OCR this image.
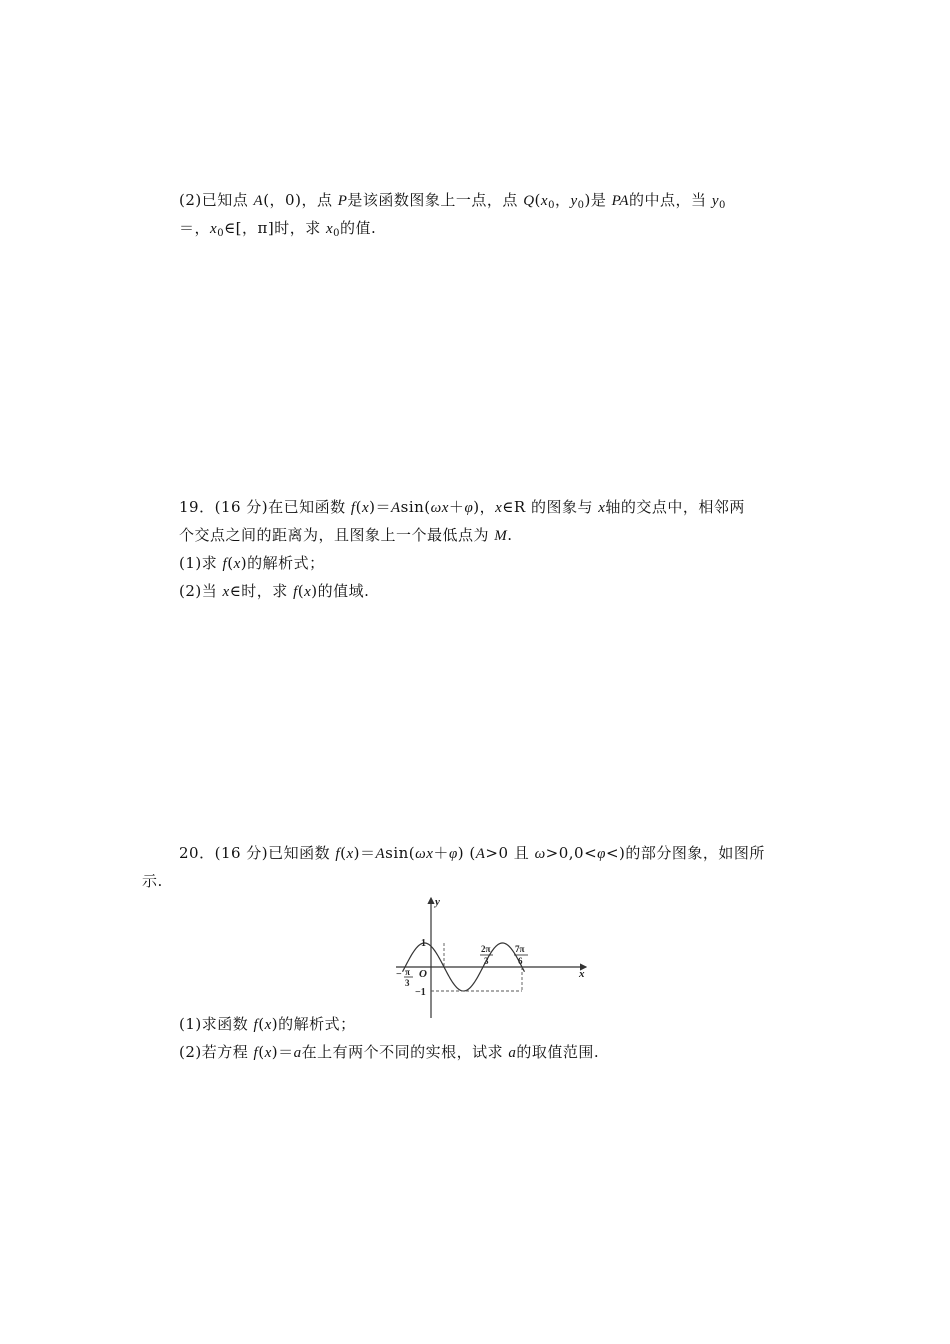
(2)已知点 A(，0)，点 P是该函数图象上一点，点 $Q(x_0$，$y_0$)是 PA的中点，当 $y_0$
＝，$x_0\in$[，π]时，求 $x_0$的值.
19．(16 分)在已知函数 f(x)＝Asin(ωx＋φ)，x∈R 的图象与 x轴的交点中，相邻两
个交点之间的距离为，且图象上一个最低点为 M.
(1)求 f(x)的解析式；
(2)当 x∈时，求 f(x)的值域.
20．(16 分)已知函数 f(x)＝Asin(ωx＋φ) (A>0 且 ω>0,0<φ<)的部分图象，如图所
示.
y
x
O
1
−1
− π
3
2π
3
7π
6
(1)求函数 f(x)的解析式；
(2)若方程 f(x)＝a在上有两个不同的实根，试求 a的取值范围.
